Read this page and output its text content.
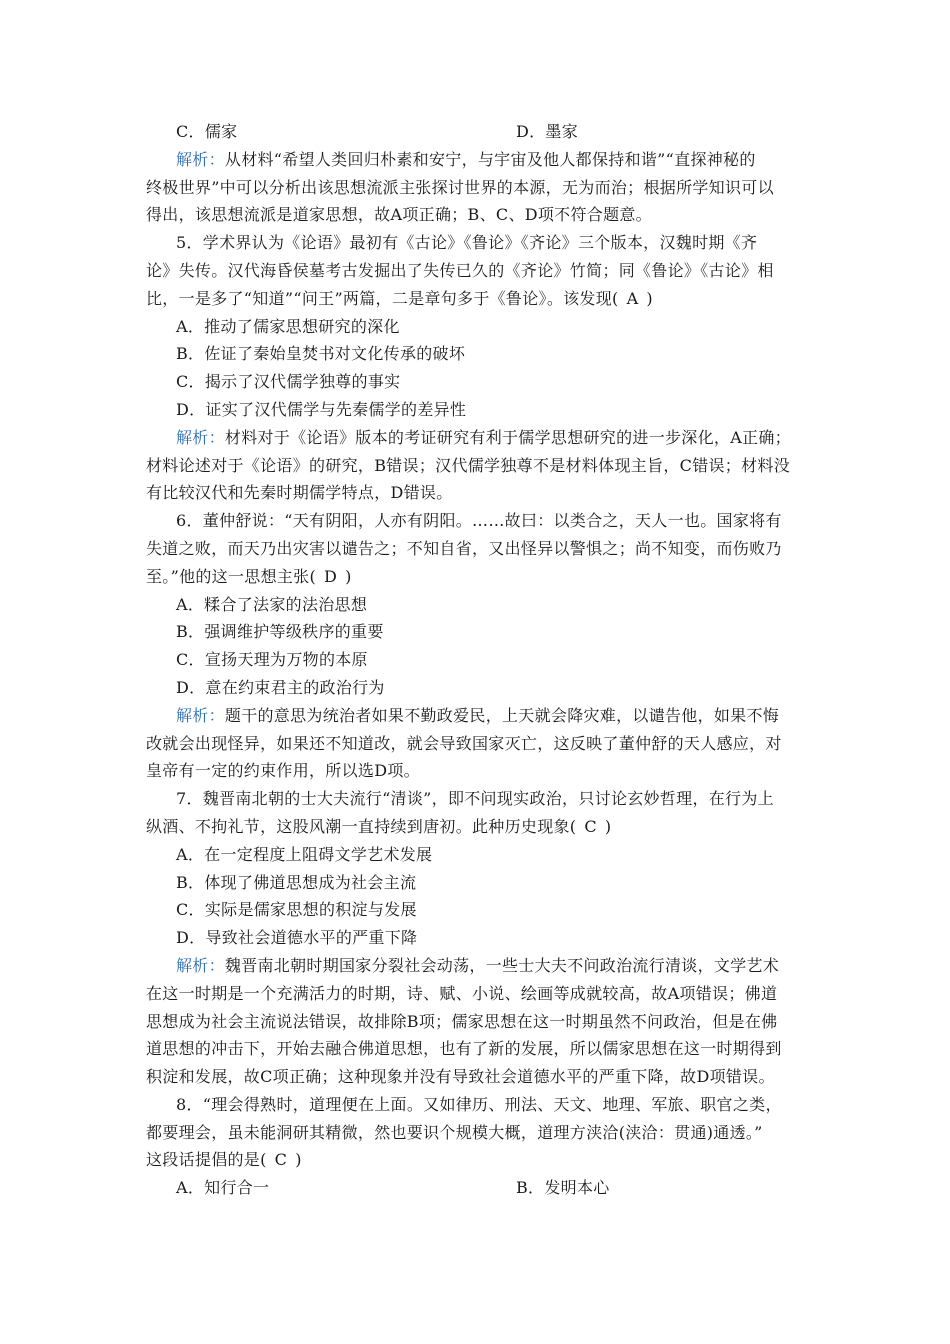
C．儒家	D．墨家
解析：从材料“希望人类回归朴素和安宁，与宇宙及他人都保持和谐”“直探神秘的
终极世界”中可以分析出该思想流派主张探讨世界的本源，无为而治；根据所学知识可以
得出，该思想流派是道家思想，故A项正确；B、C、D项不符合题意。
5．学术界认为《论语》最初有《古论》《鲁论》《齐论》三个版本，汉魏时期《齐
论》失传。汉代海昏侯墓考古发掘出了失传已久的《齐论》竹简；同《鲁论》《古论》相
比，一是多了“知道”“问王”两篇，二是章句多于《鲁论》。该发现( A )
A．推动了儒家思想研究的深化
B．佐证了秦始皇焚书对文化传承的破坏
C．揭示了汉代儒学独尊的事实
D．证实了汉代儒学与先秦儒学的差异性
解析：材料对于《论语》版本的考证研究有利于儒学思想研究的进一步深化，A正确；
材料论述对于《论语》的研究，B错误；汉代儒学独尊不是材料体现主旨，C错误；材料没
有比较汉代和先秦时期儒学特点，D错误。
6．董仲舒说：“天有阴阳，人亦有阴阳。……故曰：以类合之，天人一也。国家将有
失道之败，而天乃出灾害以谴告之；不知自省，又出怪异以警惧之；尚不知变，而伤败乃
至。”他的这一思想主张( D )
A．糅合了法家的法治思想
B．强调维护等级秩序的重要
C．宣扬天理为万物的本原
D．意在约束君主的政治行为
解析：题干的意思为统治者如果不勤政爱民，上天就会降灾难，以谴告他，如果不悔
改就会出现怪异，如果还不知道改，就会导致国家灭亡，这反映了董仲舒的天人感应，对
皇帝有一定的约束作用，所以选D项。
7．魏晋南北朝的士大夫流行“清谈”，即不问现实政治，只讨论玄妙哲理，在行为上
纵酒、不拘礼节，这股风潮一直持续到唐初。此种历史现象( C )
A．在一定程度上阻碍文学艺术发展
B．体现了佛道思想成为社会主流
C．实际是儒家思想的积淀与发展
D．导致社会道德水平的严重下降
解析：魏晋南北朝时期国家分裂社会动荡，一些士大夫不问政治流行清谈，文学艺术
在这一时期是一个充满活力的时期，诗、赋、小说、绘画等成就较高，故A项错误；佛道
思想成为社会主流说法错误，故排除B项；儒家思想在这一时期虽然不问政治，但是在佛
道思想的冲击下，开始去融合佛道思想，也有了新的发展，所以儒家思想在这一时期得到
积淀和发展，故C项正确；这种现象并没有导致社会道德水平的严重下降，故D项错误。
8．“理会得熟时，道理便在上面。又如律历、刑法、天文、地理、军旅、职官之类，
都要理会，虽未能洞研其精微，然也要识个规模大概，道理方浃洽(浃洽：贯通)通透。”
这段话提倡的是( C )
A．知行合一	B．发明本心
